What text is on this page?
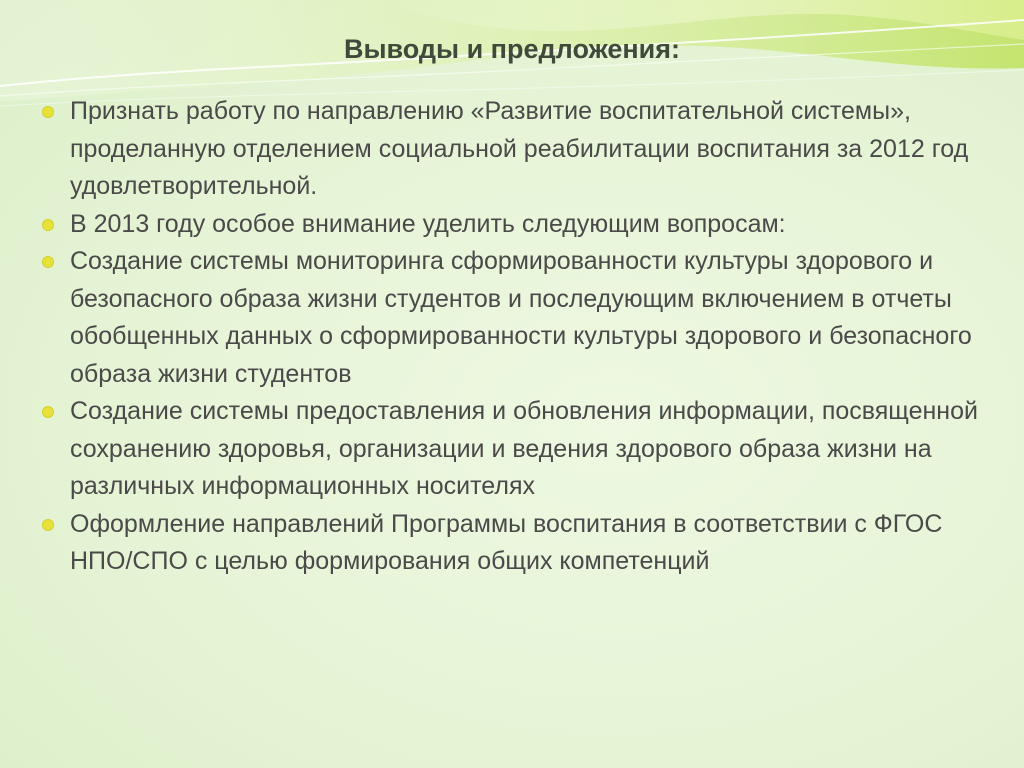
Выводы и предложения:
Признать работу по направлению «Развитие воспитательной системы», проделанную отделением социальной реабилитации воспитания за 2012 год удовлетворительной.
В 2013 году особое внимание уделить следующим вопросам:
Создание системы мониторинга сформированности культуры здорового и безопасного образа жизни студентов и последующим включением в отчеты обобщенных данных о сформированности культуры здорового и безопасного образа жизни студентов
Создание системы предоставления и обновления информации, посвященной сохранению здоровья, организации и ведения здорового образа жизни на различных информационных носителях
Оформление направлений Программы воспитания в соответствии с ФГОС НПО/СПО с целью формирования общих компетенций
